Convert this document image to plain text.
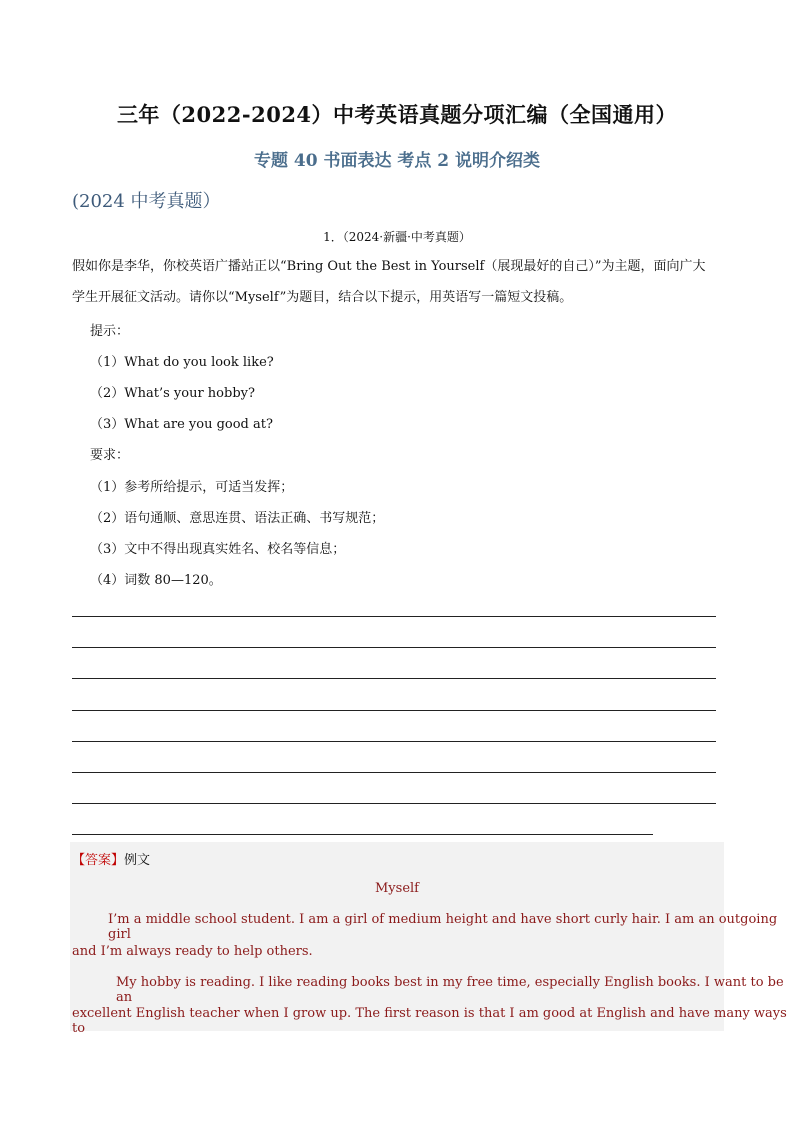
三年（2022-2024）中考英语真题分项汇编（全国通用）
专题 40 书面表达 考点 2 说明介绍类
(2024 中考真题）
1．（2024·新疆·中考真题）
假如你是李华，你校英语广播站正以“Bring Out the Best in Yourself（展现最好的自己）”为主题，面向广大
学生开展征文活动。请你以“Myself”为题目，结合以下提示，用英语写一篇短文投稿。
提示：
（1）What do you look like?
（2）What’s your hobby?
（3）What are you good at?
要求：
（1）参考所给提示，可适当发挥；
（2）语句通顺、意思连贯、语法正确、书写规范；
（3）文中不得出现真实姓名、校名等信息；
（4）词数 80—120。
【答案】例文
Myself
I’m a middle school student. I am a girl of medium height and have short curly hair. I am an outgoing girl
and I’m always ready to help others.
My hobby is reading. I like reading books best in my free time, especially English books. I want to be an
excellent English teacher when I grow up. The first reason is that I am good at English and have many ways to
